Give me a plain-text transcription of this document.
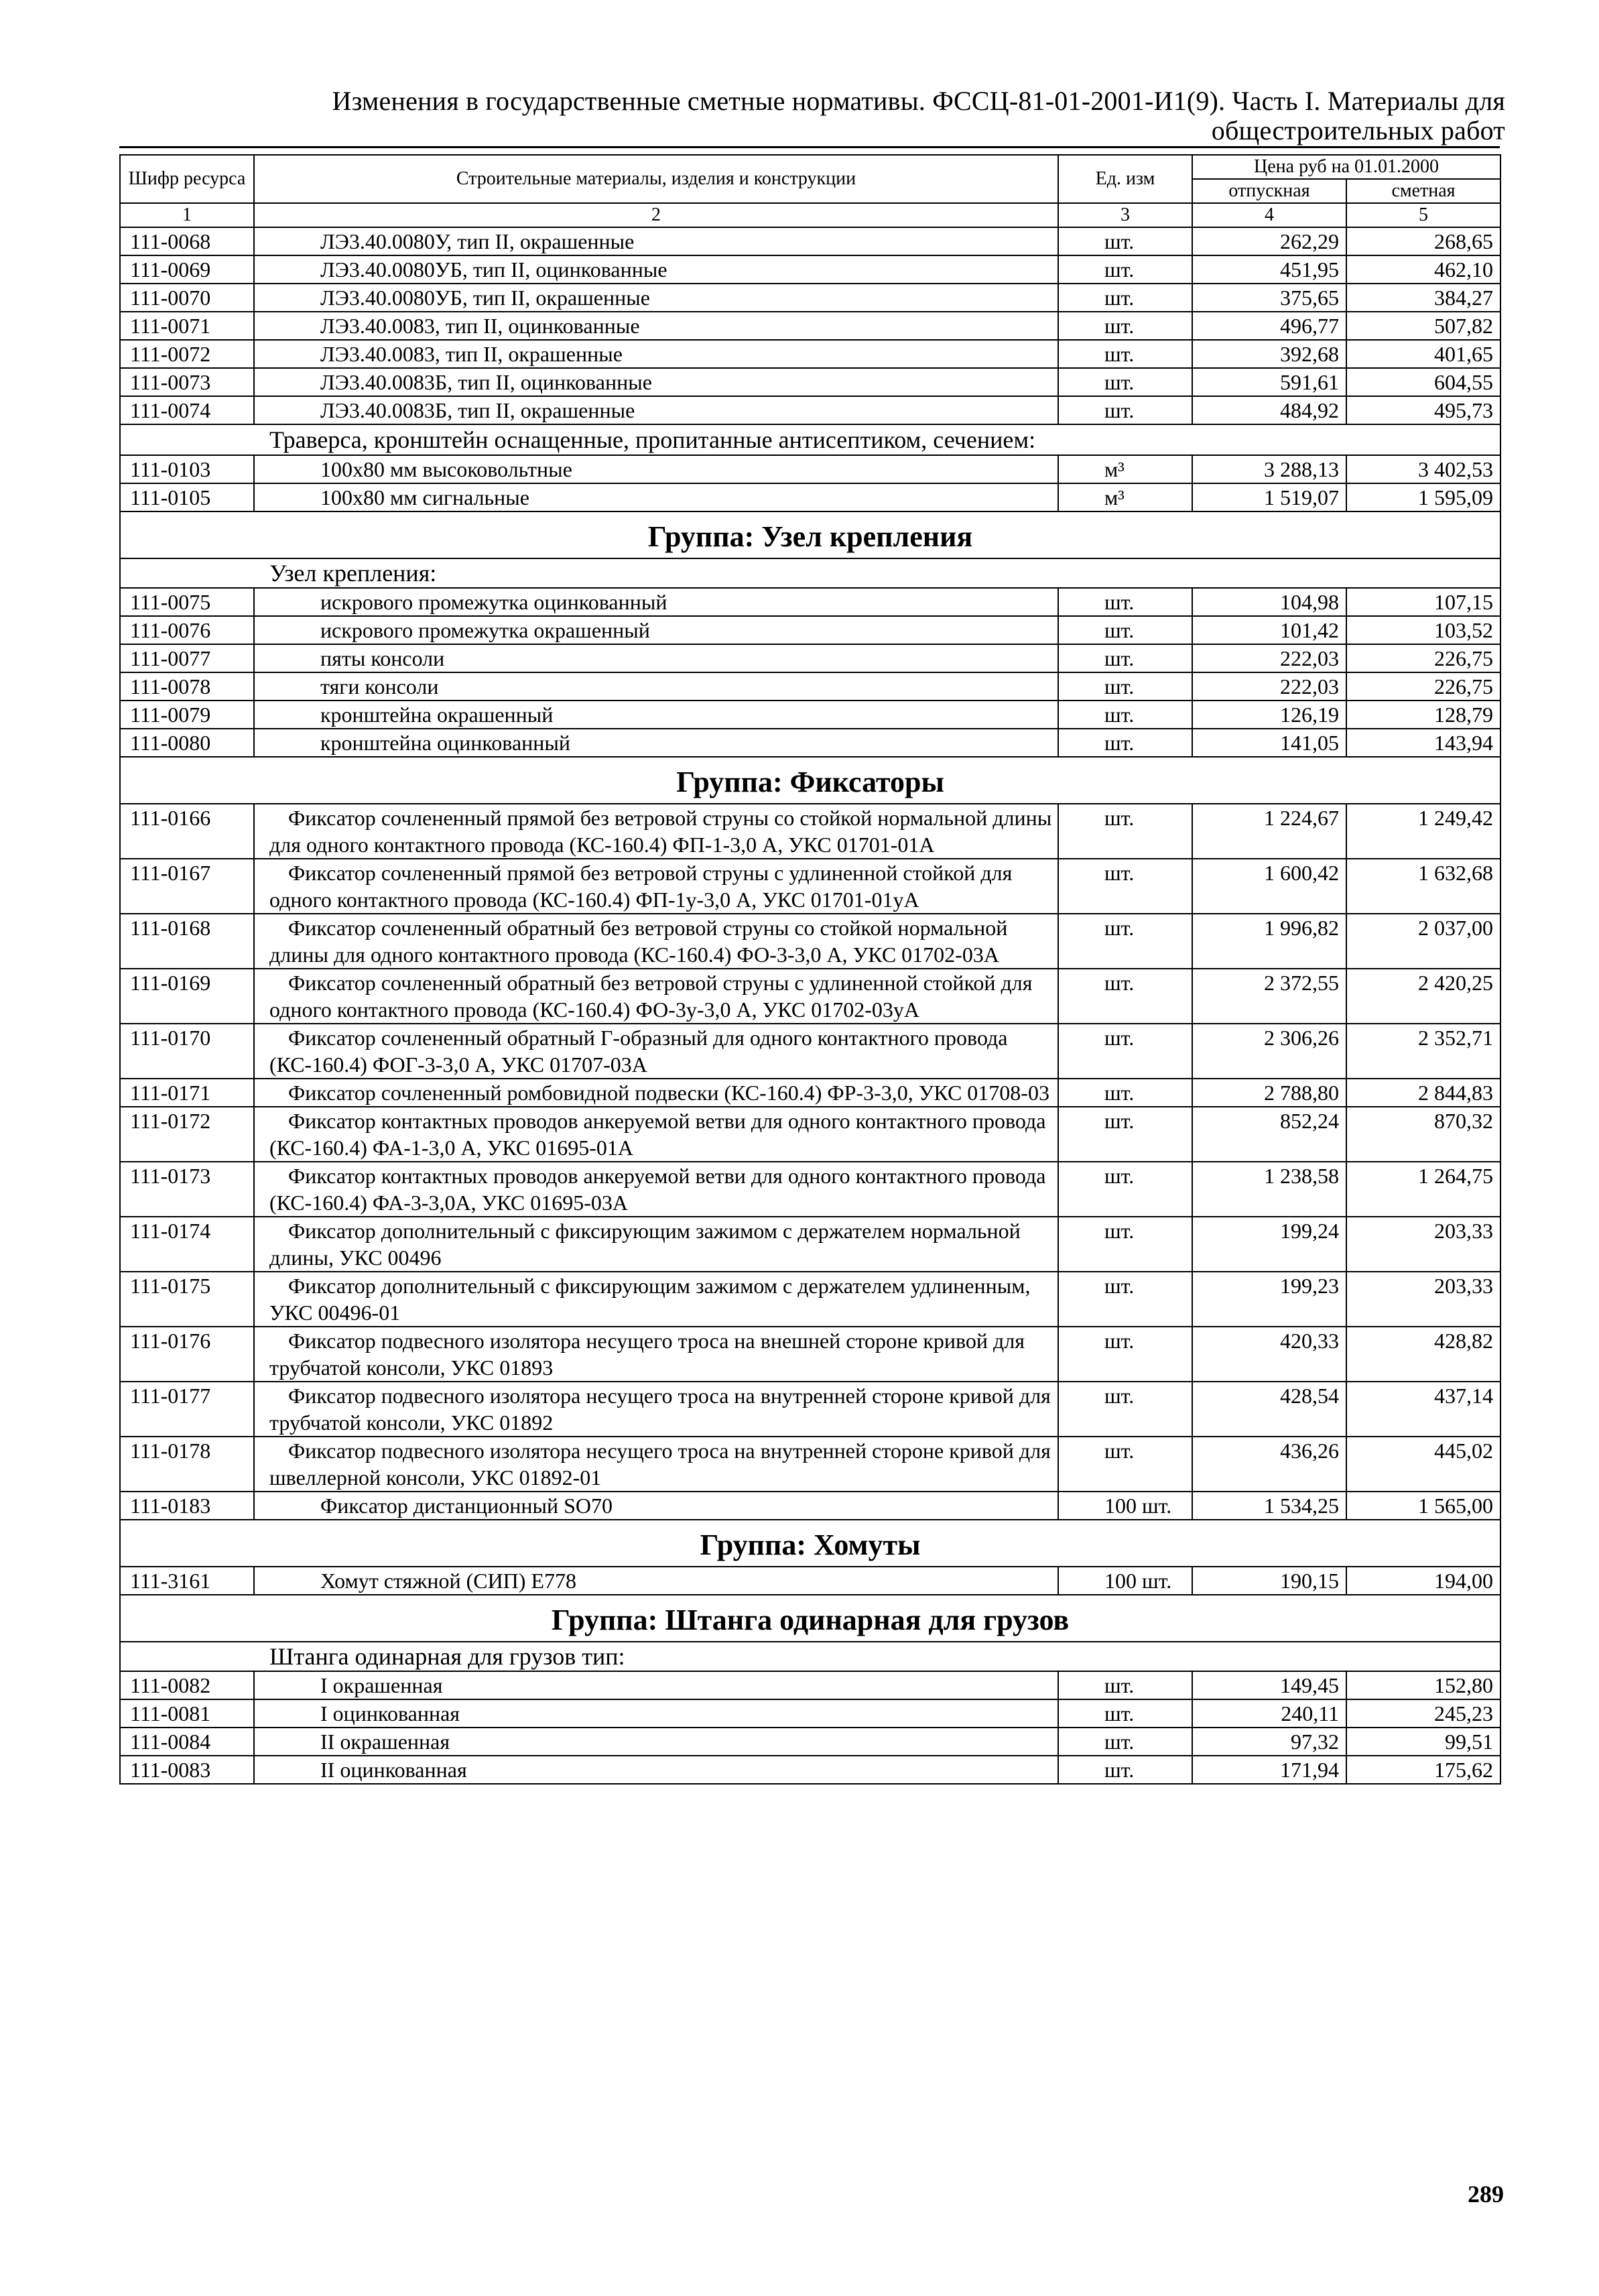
Изменения в государственные сметные нормативы. ФССЦ-81-01-2001-И1(9). Часть I. Материалы для
общестроительных работ
Шифр ресурса	Строительные материалы, изделия и конструкции	Ед. изм	Цена руб на 01.01.2000	
			отпускная	сметная
1	2	3	4	5
111-0068	ЛЭ3.40.0080У, тип II, окрашенные	шт.	262,29	268,65
111-0069	ЛЭ3.40.0080УБ, тип II, оцинкованные	шт.	451,95	462,10
111-0070	ЛЭ3.40.0080УБ, тип II, окрашенные	шт.	375,65	384,27
111-0071	ЛЭ3.40.0083, тип II, оцинкованные	шт.	496,77	507,82
111-0072	ЛЭ3.40.0083, тип II, окрашенные	шт.	392,68	401,65
111-0073	ЛЭ3.40.0083Б, тип II, оцинкованные	шт.	591,61	604,55
111-0074	ЛЭ3.40.0083Б, тип II, окрашенные	шт.	484,92	495,73
Траверса, кронштейн оснащенные, пропитанные антисептиком, сечением:				
111-0103	100x80 мм высоковольтные	м³	3 288,13	3 402,53
111-0105	100x80 мм сигнальные	м³	1 519,07	1 595,09
Группа: Узел крепления				
Узел крепления:				
111-0075	искрового промежутка оцинкованный	шт.	104,98	107,15
111-0076	искрового промежутка окрашенный	шт.	101,42	103,52
111-0077	пяты консоли	шт.	222,03	226,75
111-0078	тяги консоли	шт.	222,03	226,75
111-0079	кронштейна окрашенный	шт.	126,19	128,79
111-0080	кронштейна оцинкованный	шт.	141,05	143,94
Группа: Фиксаторы				
111-0166	Фиксатор сочлененный прямой без ветровой струны со стойкой нормальной длины для одного контактного провода (КС-160.4) ФП-1-3,0 А, УКС 01701-01А	шт.	1 224,67	1 249,42
111-0167	Фиксатор сочлененный прямой без ветровой струны с удлиненной стойкой для одного контактного провода (КС-160.4) ФП-1у-3,0 А, УКС 01701-01уА	шт.	1 600,42	1 632,68
111-0168	Фиксатор сочлененный обратный без ветровой струны со стойкой нормальной длины для одного контактного провода (КС-160.4) ФО-3-3,0 А, УКС 01702-03А	шт.	1 996,82	2 037,00
111-0169	Фиксатор сочлененный обратный без ветровой струны с удлиненной стойкой для одного контактного провода (КС-160.4) ФО-3у-3,0 А, УКС 01702-03уА	шт.	2 372,55	2 420,25
111-0170	Фиксатор сочлененный обратный Г-образный для одного контактного провода (КС-160.4) ФОГ-3-3,0 А, УКС 01707-03А	шт.	2 306,26	2 352,71
111-0171	Фиксатор сочлененный ромбовидной подвески (КС-160.4) ФР-3-3,0, УКС 01708-03	шт.	2 788,80	2 844,83
111-0172	Фиксатор контактных проводов анкеруемой ветви для одного контактного провода (КС-160.4) ФА-1-3,0 А, УКС 01695-01А	шт.	852,24	870,32
111-0173	Фиксатор контактных проводов анкеруемой ветви для одного контактного провода (КС-160.4) ФА-3-3,0А, УКС 01695-03А	шт.	1 238,58	1 264,75
111-0174	Фиксатор дополнительный с фиксирующим зажимом с держателем нормальной длины, УКС 00496	шт.	199,24	203,33
111-0175	Фиксатор дополнительный с фиксирующим зажимом с держателем удлиненным, УКС 00496-01	шт.	199,23	203,33
111-0176	Фиксатор подвесного изолятора несущего троса на внешней стороне кривой для трубчатой консоли, УКС 01893	шт.	420,33	428,82
111-0177	Фиксатор подвесного изолятора несущего троса на внутренней стороне кривой для трубчатой консоли, УКС 01892	шт.	428,54	437,14
111-0178	Фиксатор подвесного изолятора несущего троса на внутренней стороне кривой для швеллерной консоли, УКС 01892-01	шт.	436,26	445,02
111-0183	Фиксатор дистанционный SO70	100 шт.	1 534,25	1 565,00
Группа: Хомуты				
111-3161	Хомут стяжной (СИП) E778	100 шт.	190,15	194,00
Группа: Штанга одинарная для грузов				
Штанга одинарная для грузов тип:				
111-0082	I окрашенная	шт.	149,45	152,80
111-0081	I оцинкованная	шт.	240,11	245,23
111-0084	II окрашенная	шт.	97,32	99,51
111-0083	II оцинкованная	шт.	171,94	175,62
289
